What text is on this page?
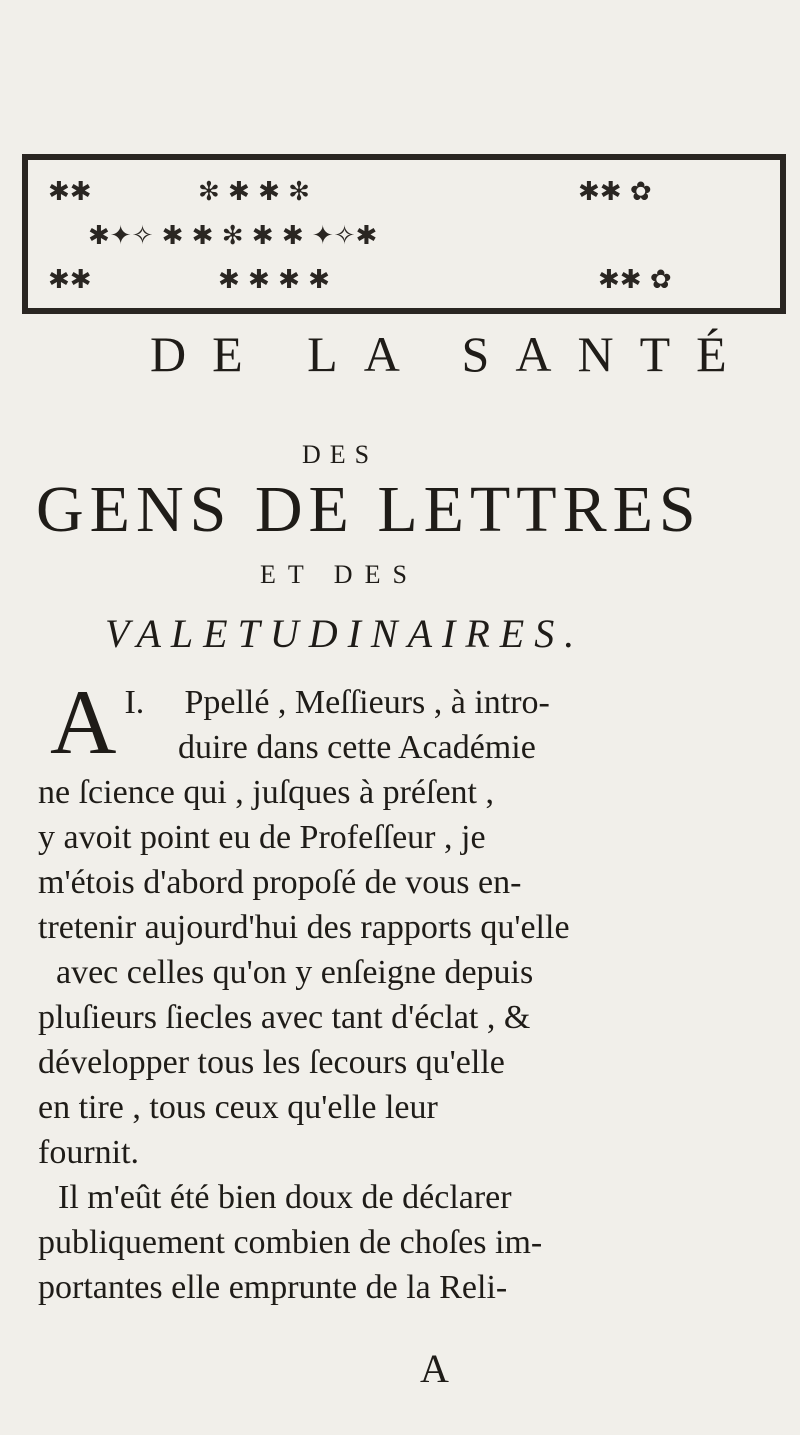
✱✱	✻ ✱ ✱ ✻	✱✱ ✿
✱✦✧ ✱ ✱ ✻ ✱ ✱ ✦✧✱
✱✱	✱ ✱ ✱ ✱	✱✱ ✿
DE LA SANTÉ
DES
GENS DE LETTRES
ET DES
VALETUDINAIRES.
I.
A Ppellé , Meſſieurs , à intro-
duire dans cette Académie
ne ſcience qui , juſques à préſent ,
y avoit point eu de Profeſſeur , je
m'étois d'abord propoſé de vous en-
tretenir aujourd'hui des rapports qu'elle
avec celles qu'on y enſeigne depuis
pluſieurs ſiecles avec tant d'éclat , &
développer tous les ſecours qu'elle
en tire , tous ceux qu'elle leur
fournit.
Il m'eût été bien doux de déclarer
publiquement combien de choſes im-
portantes elle emprunte de la Reli-
A
